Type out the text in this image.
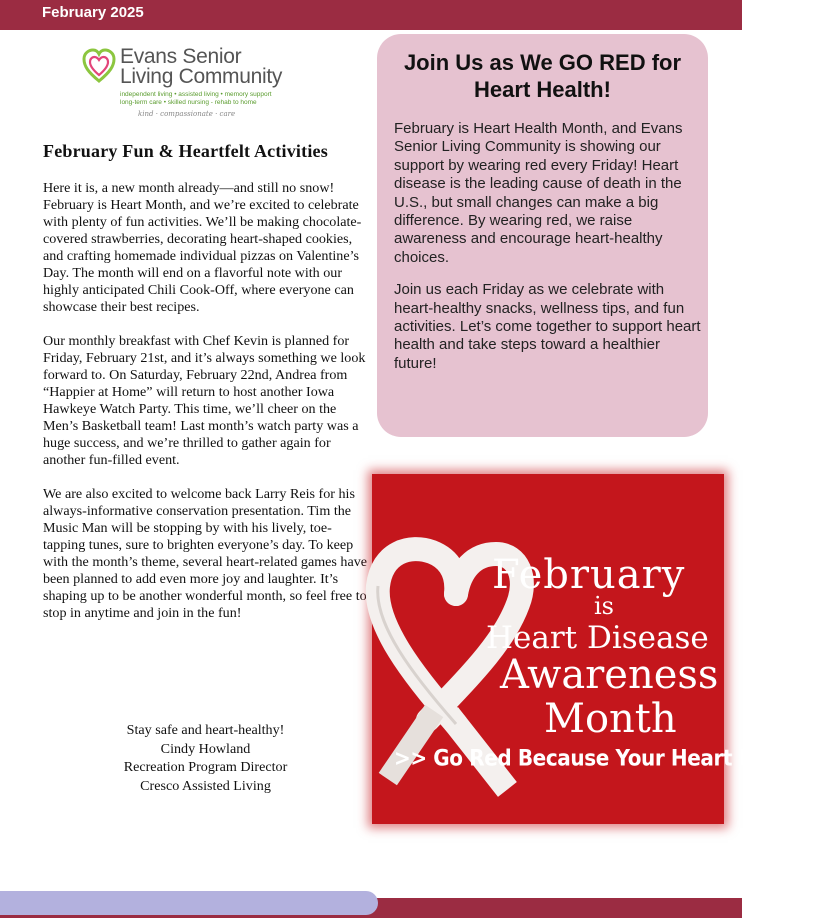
February 2025
Evans Senior
Living Community
independent living • assisted living • memory support
long-term care • skilled nursing - rehab to home
kind · compassionate · care
February Fun & Heartfelt Activities

Here it is, a new month already—and still no snow! February is Heart Month, and we’re excited to celebrate with plenty of fun activities. We’ll be making chocolate-covered strawberries, decorating heart-shaped cookies, and crafting homemade individual pizzas on Valentine’s Day. The month will end on a flavorful note with our highly anticipated Chili Cook-Off, where everyone can showcase their best recipes.

Our monthly breakfast with Chef Kevin is planned for Friday, February 21st, and it’s always something we look forward to. On Saturday, February 22nd, Andrea from “Happier at Home” will return to host another Iowa Hawkeye Watch Party. This time, we’ll cheer on the Men’s Basketball team! Last month’s watch party was a huge success, and we’re thrilled to gather again for another fun-filled event.

We are also excited to welcome back Larry Reis for his always-informative conservation presentation. Tim the Music Man will be stopping by with his lively, toe-tapping tunes, sure to brighten everyone’s day. To keep with the month’s theme, several heart-related games have been planned to add even more joy and laughter. It’s shaping up to be another wonderful month, so feel free to stop in anytime and join in the fun!

Stay safe and heart-healthy!
Cindy Howland
Recreation Program Director
Cresco Assisted Living
Join Us as We GO RED for Heart Health!

February is Heart Health Month, and Evans Senior Living Community is showing our support by wearing red every Friday! Heart disease is the leading cause of death in the U.S., but small changes can make a big difference. By wearing red, we raise awareness and encourage heart-healthy choices.

Join us each Friday as we celebrate with heart-healthy snacks, wellness tips, and fun activities. Let’s come together to support heart health and take steps toward a healthier future!

February
is
Heart Disease
Awareness
Month
>> Go Red Because Your Heart Matters
